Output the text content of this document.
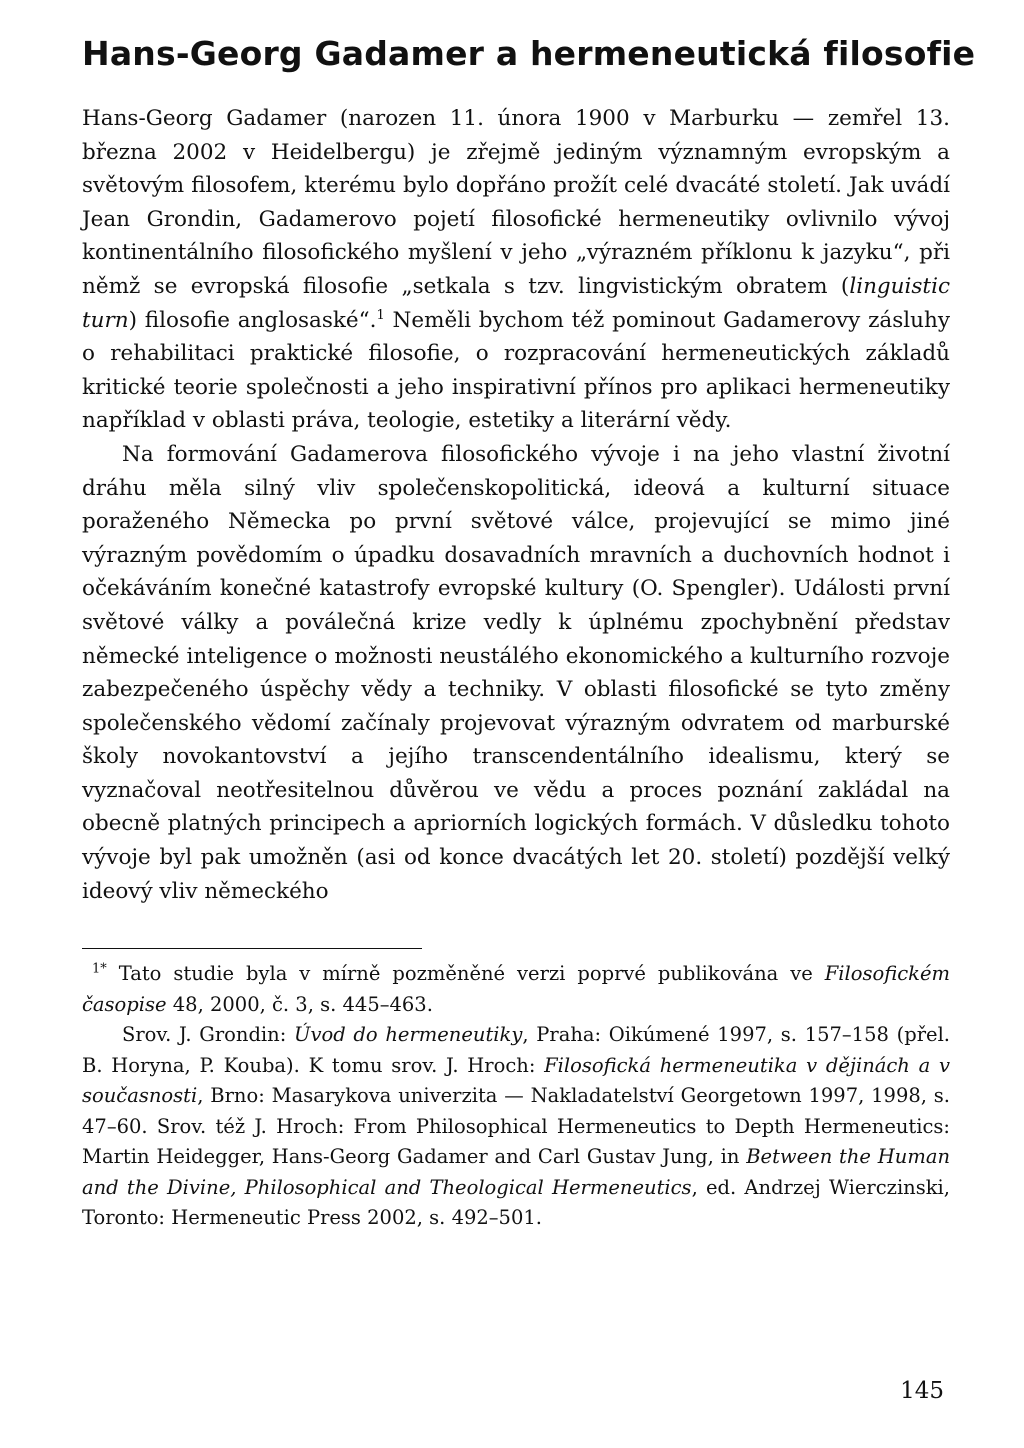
Hans-Georg Gadamer a hermeneutická filosofie

Hans-Georg Gadamer (narozen 11. února 1900 v Marburku — zemřel 13. března 2002 v Heidelbergu) je zřejmě jediným významným evropským a světovým filosofem, kterému bylo dopřáno prožít celé dvacáté století. Jak uvádí Jean Grondin, Gadamerovo pojetí filosofické hermeneutiky ovlivnilo vývoj kontinentálního filosofického myšlení v jeho „výrazném příklonu k jazyku“, při němž se evropská filosofie „setkala s tzv. lingvistickým obratem (linguistic turn) filosofie anglosaské“.$^1$ Neměli bychom též pominout Gadamerovy zásluhy o rehabilitaci praktické filosofie, o rozpracování hermeneutických základů kritické teorie společnosti a jeho inspirativní přínos pro aplikaci hermeneutiky například v oblasti práva, teologie, estetiky a literární vědy.

Na formování Gadamerova filosofického vývoje i na jeho vlastní životní dráhu měla silný vliv společenskopolitická, ideová a kulturní situace poraženého Německa po první světové válce, projevující se mimo jiné výrazným povědomím o úpadku dosavadních mravních a duchovních hodnot i očekáváním konečné katastrofy evropské kultury (O. Spengler). Události první světové války a poválečná krize vedly k úplnému zpochybnění představ německé inteligence o možnosti neustálého ekonomického a kulturního rozvoje zabezpečeného úspěchy vědy a techniky. V oblasti filosofické se tyto změny společenského vědomí začínaly projevovat výrazným odvratem od marburské školy novokantovství a jejího transcendentálního idealismu, který se vyznačoval neotřesitelnou důvěrou ve vědu a proces poznání zakládal na obecně platných principech a apriorních logických formách. V důsledku tohoto vývoje byl pak umožněn (asi od konce dvacátých let 20. století) pozdější velký ideový vliv německého

$^{1*}$ Tato studie byla v mírně pozměněné verzi poprvé publikována ve Filosofickém časopise 48, 2000, č. 3, s. 445–463.

Srov. J. Grondin: Úvod do hermeneutiky, Praha: Oikúmené 1997, s. 157–158 (přel. B. Horyna, P. Kouba). K tomu srov. J. Hroch: Filosofická hermeneutika v dějinách a v současnosti, Brno: Masarykova univerzita — Nakladatelství Georgetown 1997, 1998, s. 47–60. Srov. též J. Hroch: From Philosophical Hermeneutics to Depth Hermeneutics: Martin Heidegger, Hans-Georg Gadamer and Carl Gustav Jung, in Between the Human and the Divine, Philosophical and Theological Hermeneutics, ed. Andrzej Wierczinski, Toronto: Hermeneutic Press 2002, s. 492–501.

145
